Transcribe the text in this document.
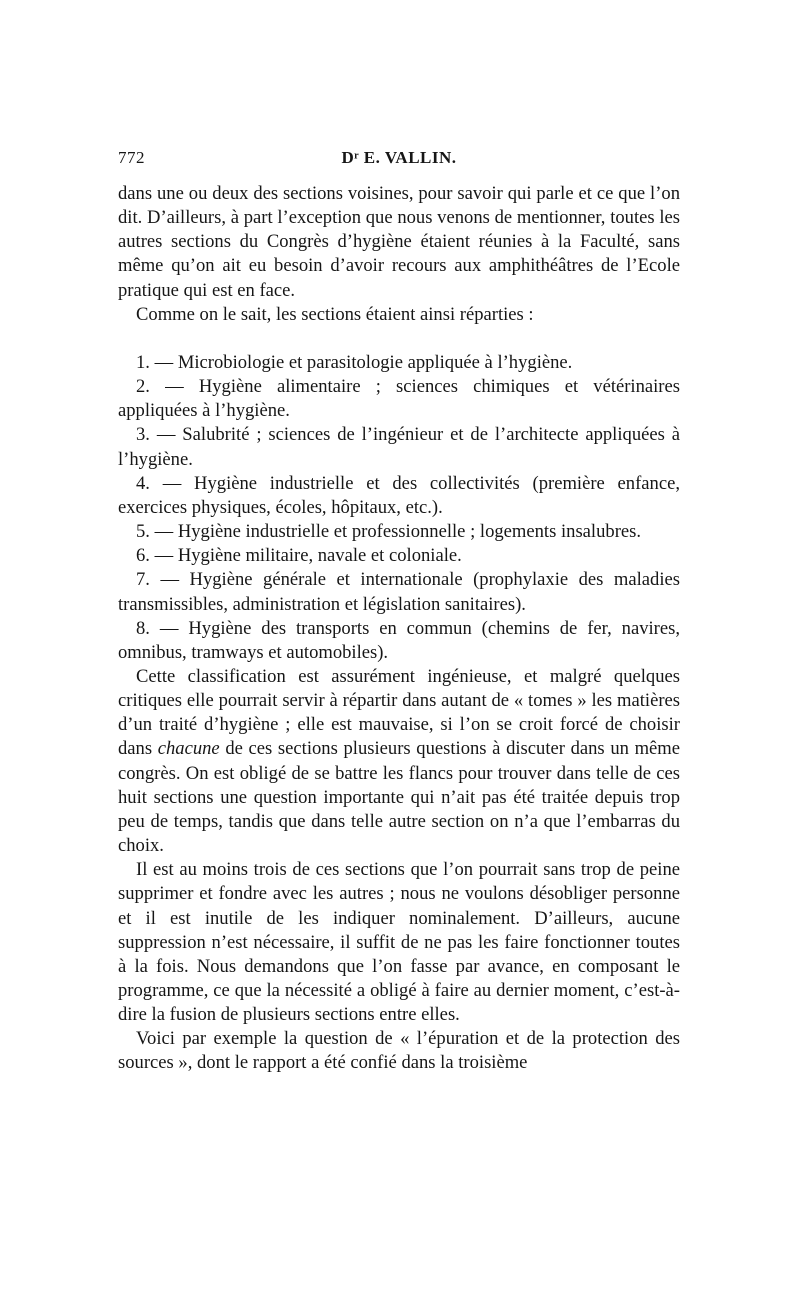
772	Dʳ E. VALLIN.

dans une ou deux des sections voisines, pour savoir qui parle et ce que l’on dit. D’ailleurs, à part l’exception que nous venons de mentionner, toutes les autres sections du Congrès d’hygiène étaient réunies à la Faculté, sans même qu’on ait eu besoin d’avoir recours aux amphithéâtres de l’Ecole pratique qui est en face.

Comme on le sait, les sections étaient ainsi réparties :

1. — Microbiologie et parasitologie appliquée à l’hygiène.

2. — Hygiène alimentaire ; sciences chimiques et vétérinaires appliquées à l’hygiène.

3. — Salubrité ; sciences de l’ingénieur et de l’architecte appliquées à l’hygiène.

4. — Hygiène industrielle et des collectivités (première enfance, exercices physiques, écoles, hôpitaux, etc.).

5. — Hygiène industrielle et professionnelle ; logements insalubres.

6. — Hygiène militaire, navale et coloniale.

7. — Hygiène générale et internationale (prophylaxie des maladies transmissibles, administration et législation sanitaires).

8. — Hygiène des transports en commun (chemins de fer, navires, omnibus, tramways et automobiles).

Cette classification est assurément ingénieuse, et malgré quelques critiques elle pourrait servir à répartir dans autant de « tomes » les matières d’un traité d’hygiène ; elle est mauvaise, si l’on se croit forcé de choisir dans chacune de ces sections plusieurs questions à discuter dans un même congrès. On est obligé de se battre les flancs pour trouver dans telle de ces huit sections une question importante qui n’ait pas été traitée depuis trop peu de temps, tandis que dans telle autre section on n’a que l’embarras du choix.

Il est au moins trois de ces sections que l’on pourrait sans trop de peine supprimer et fondre avec les autres ; nous ne voulons désobliger personne et il est inutile de les indiquer nominalement. D’ailleurs, aucune suppression n’est nécessaire, il suffit de ne pas les faire fonctionner toutes à la fois. Nous demandons que l’on fasse par avance, en composant le programme, ce que la nécessité a obligé à faire au dernier moment, c’est-à-dire la fusion de plusieurs sections entre elles.

Voici par exemple la question de « l’épuration et de la protection des sources », dont le rapport a été confié dans la troisième
